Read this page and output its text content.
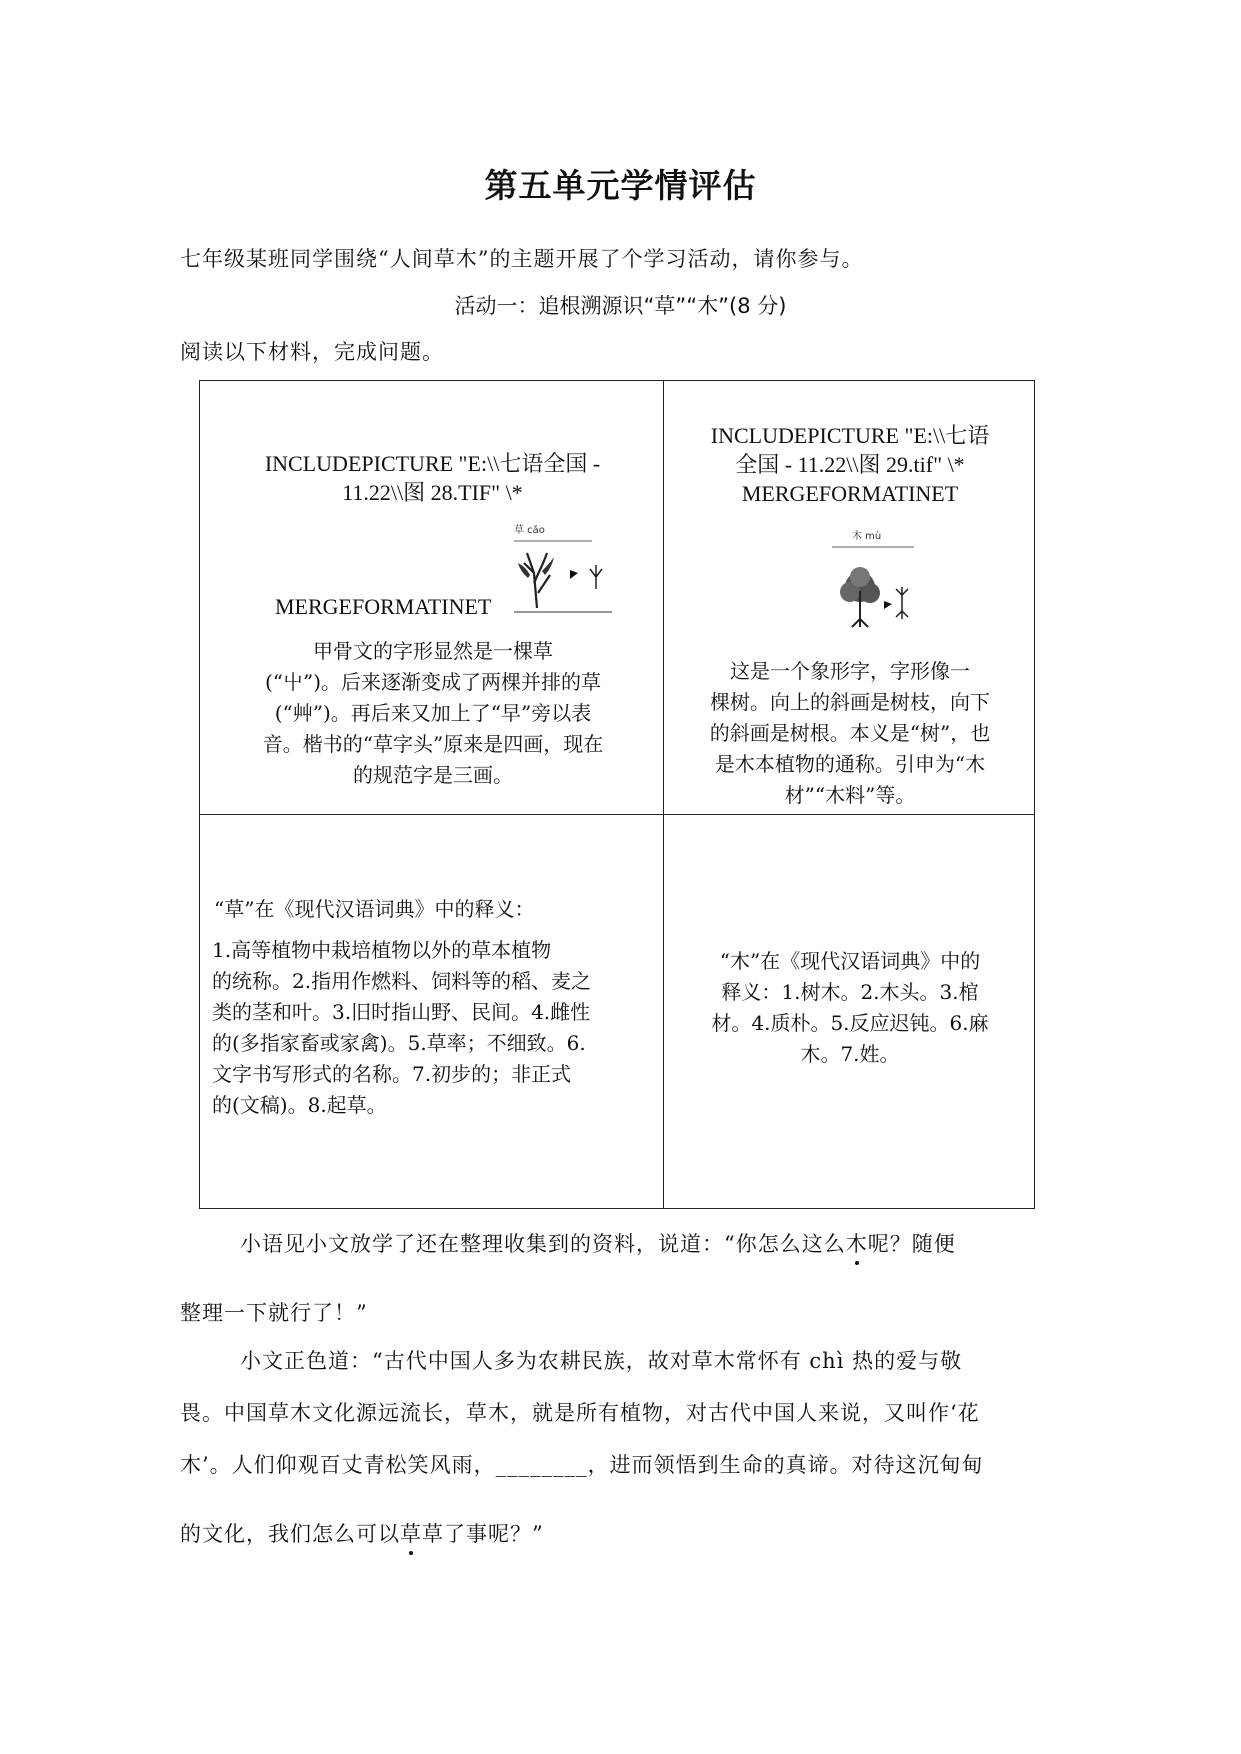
第五单元学情评估
七年级某班同学围绕“人间草木”的主题开展了个学习活动，请你参与。
活动一：追根溯源识“草”“木”(8 分)
阅读以下材料，完成问题。
INCLUDEPICTURE "E:\\七语全国 -
11.22\\图 28.TIF" \*
草 cǎo
MERGEFORMATINET
甲骨文的字形显然是一棵草
(“屮”)。后来逐渐变成了两棵并排的草
(“艸”)。再后来又加上了“早”旁以表
音。楷书的“草字头”原来是四画，现在
的规范字是三画。
INCLUDEPICTURE "E:\\七语
全国 - 11.22\\图 29.tif" \*
MERGEFORMATINET
木 mù
这是一个象形字，字形像一
棵树。向上的斜画是树枝，向下
的斜画是树根。本义是“树”，也
是木本植物的通称。引申为“木
材”“木料”等。
“草”在《现代汉语词典》中的释义：
1.高等植物中栽培植物以外的草本植物
的统称。2.指用作燃料、饲料等的稻、麦之
类的茎和叶。3.旧时指山野、民间。4.雌性
的(多指家畜或家禽)。5.草率；不细致。6.
文字书写形式的名称。7.初步的；非正式
的(文稿)。8.起草。
“木”在《现代汉语词典》中的
释义：1.树木。2.木头。3.棺
材。4.质朴。5.反应迟钝。6.麻
木。7.姓。
小语见小文放学了还在整理收集到的资料，说道：“你怎么这么木呢？随便
整理一下就行了！”
小文正色道：“古代中国人多为农耕民族，故对草木常怀有 chì 热的爱与敬
畏。中国草木文化源远流长，草木，就是所有植物，对古代中国人来说，又叫作‘花
木’。人们仰观百丈青松笑风雨，________，进而领悟到生命的真谛。对待这沉甸甸
的文化，我们怎么可以草草了事呢？”
